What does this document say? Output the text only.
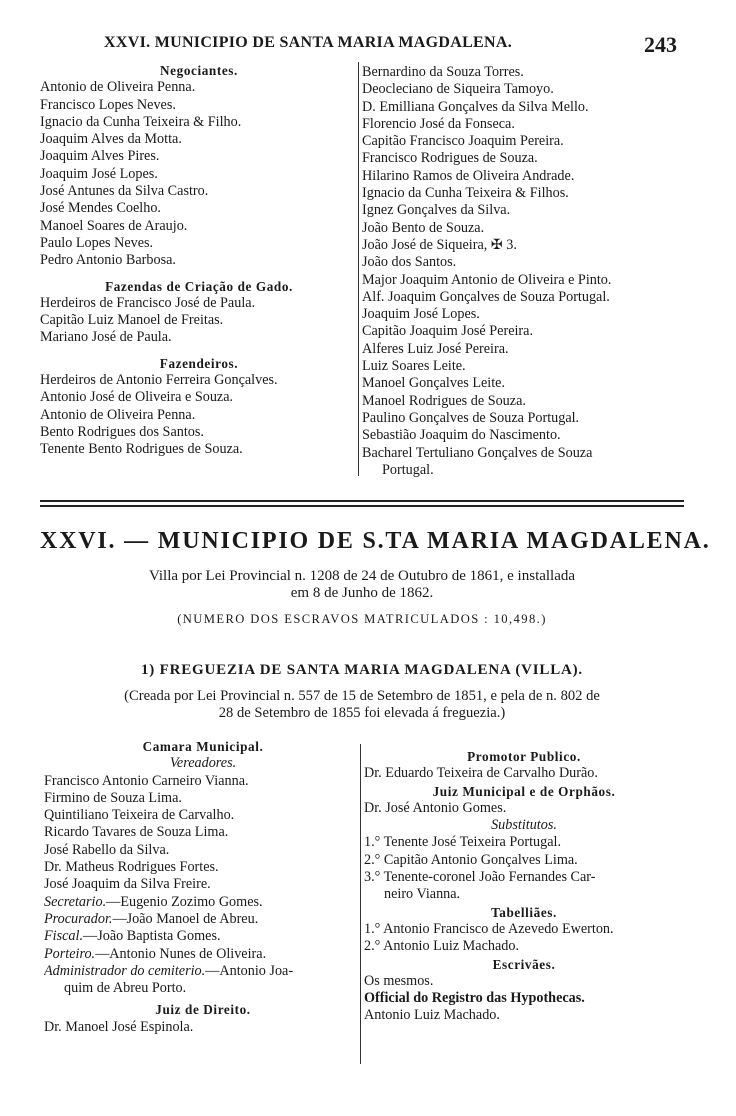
XXVI. MUNICIPIO DE SANTA MARIA MAGDALENA.	243
Negociantes.
Antonio de Oliveira Penna.
Francisco Lopes Neves.
Ignacio da Cunha Teixeira & Filho.
Joaquim Alves da Motta.
Joaquim Alves Pires.
Joaquim José Lopes.
José Antunes da Silva Castro.
José Mendes Coelho.
Manoel Soares de Araujo.
Paulo Lopes Neves.
Pedro Antonio Barbosa.
Fazendas de Criação de Gado.
Herdeiros de Francisco José de Paula.
Capitão Luiz Manoel de Freitas.
Mariano José de Paula.
Fazendeiros.
Herdeiros de Antonio Ferreira Gonçalves.
Antonio José de Oliveira e Souza.
Antonio de Oliveira Penna.
Bento Rodrigues dos Santos.
Tenente Bento Rodrigues de Souza.
Bernardino da Souza Torres.
Deocleciano de Siqueira Tamoyo.
D. Emilliana Gonçalves da Silva Mello.
Florencio José da Fonseca.
Capitão Francisco Joaquim Pereira.
Francisco Rodrigues de Souza.
Hilarino Ramos de Oliveira Andrade.
Ignacio da Cunha Teixeira & Filhos.
Ignez Gonçalves da Silva.
João Bento de Souza.
João José de Siqueira, ✠ 3.
João dos Santos.
Major Joaquim Antonio de Oliveira e Pinto.
Alf. Joaquim Gonçalves de Souza Portugal.
Joaquim José Lopes.
Capitão Joaquim José Pereira.
Alferes Luiz José Pereira.
Luiz Soares Leite.
Manoel Gonçalves Leite.
Manoel Rodrigues de Souza.
Paulino Gonçalves de Souza Portugal.
Sebastião Joaquim do Nascimento.
Bacharel Tertuliano Gonçalves de Souza
Portugal.
XXVI. — MUNICIPIO DE S.TA MARIA MAGDALENA.
Villa por Lei Provincial n. 1208 de 24 de Outubro de 1861, e installada
em 8 de Junho de 1862.
(NUMERO DOS ESCRAVOS MATRICULADOS : 10,498.)
1) FREGUEZIA DE SANTA MARIA MAGDALENA (VILLA).
(Creada por Lei Provincial n. 557 de 15 de Setembro de 1851, e pela de n. 802 de
28 de Setembro de 1855 foi elevada á freguezia.)
Camara Municipal.
Vereadores.
Francisco Antonio Carneiro Vianna.
Firmino de Souza Lima.
Quintiliano Teixeira de Carvalho.
Ricardo Tavares de Souza Lima.
José Rabello da Silva.
Dr. Matheus Rodrigues Fortes.
José Joaquim da Silva Freire.
Secretario.—Eugenio Zozimo Gomes.
Procurador.—João Manoel de Abreu.
Fiscal.—João Baptista Gomes.
Porteiro.—Antonio Nunes de Oliveira.
Administrador do cemiterio.—Antonio Joa-
quim de Abreu Porto.
Juiz de Direito.
Dr. Manoel José Espinola.
Promotor Publico.
Dr. Eduardo Teixeira de Carvalho Durão.
Juiz Municipal e de Orphãos.
Dr. José Antonio Gomes.
Substitutos.
1.° Tenente José Teixeira Portugal.
2.° Capitão Antonio Gonçalves Lima.
3.° Tenente-coronel João Fernandes Car-
neiro Vianna.
Tabelliães.
1.° Antonio Francisco de Azevedo Ewerton.
2.° Antonio Luiz Machado.
Escrivães.
Os mesmos.
Official do Registro das Hypothecas.
Antonio Luiz Machado.
